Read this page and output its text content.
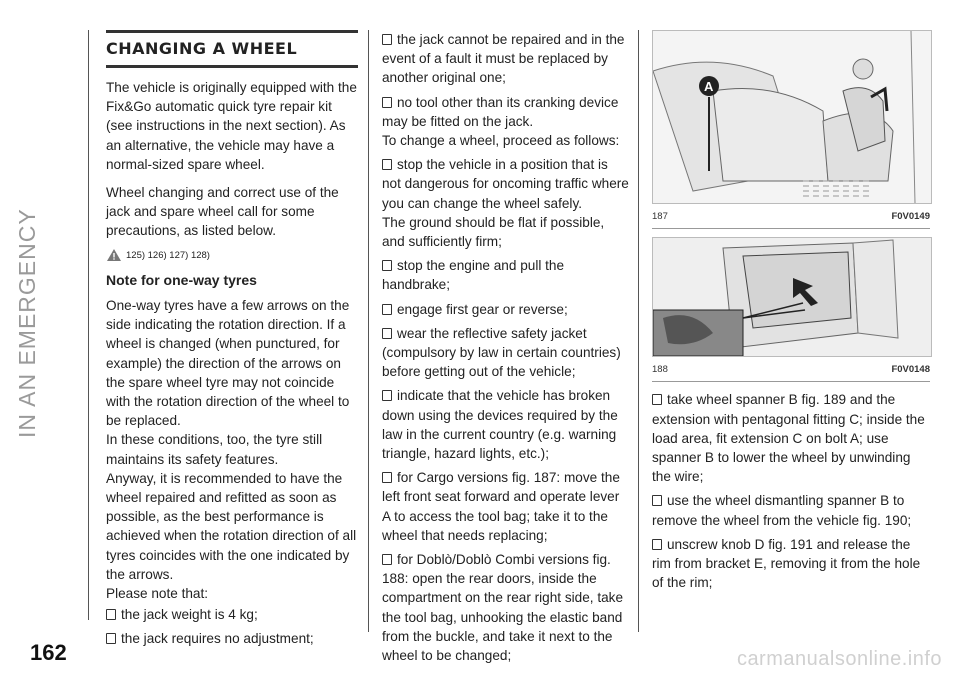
IN AN EMERGENCY
CHANGING A WHEEL

The vehicle is originally equipped with the Fix&Go automatic quick tyre repair kit (see instructions in the next section). As an alternative, the vehicle may have a normal-sized spare wheel.

Wheel changing and correct use of the jack and spare wheel call for some precautions, as listed below.

125) 126) 127) 128)
Note for one-way tyres

One-way tyres have a few arrows on the side indicating the rotation direction. If a wheel is changed (when punctured, for example) the direction of the arrows on the spare wheel tyre may not coincide with the rotation direction of the wheel to be replaced.

In these conditions, too, the tyre still maintains its safety features.

Anyway, it is recommended to have the wheel repaired and refitted as soon as possible, as the best performance is achieved when the rotation direction of all tyres coincides with the one indicated by the arrows.

Please note that:

the jack weight is 4 kg;
the jack requires no adjustment;
the jack cannot be repaired and in the event of a fault it must be replaced by another original one;
no tool other than its cranking device may be fitted on the jack.

To change a wheel, proceed as follows:

stop the vehicle in a position that is not dangerous for oncoming traffic where you can change the wheel safely.

The ground should be flat if possible, and sufficiently firm;

stop the engine and pull the handbrake;
engage first gear or reverse;
wear the reflective safety jacket (compulsory by law in certain countries) before getting out of the vehicle;
indicate that the vehicle has broken down using the devices required by the law in the current country (e.g. warning triangle, hazard lights, etc.);
for Cargo versions fig. 187: move the left front seat forward and operate lever A to access the tool bag; take it to the wheel that needs replacing;
for Doblò/Doblò Combi versions fig. 188: open the rear doors, inside the compartment on the rear right side, take the tool bag, unhooking the elastic band from the buckle, and take it next to the wheel to be changed;
A
187	F0V0149
188	F0V0148
take wheel spanner B fig. 189 and the extension with pentagonal fitting C; inside the load area, fit extension C on bolt A; use spanner B to lower the wheel by unwinding the wire;
use the wheel dismantling spanner B to remove the wheel from the vehicle fig. 190;
unscrew knob D fig. 191 and release the rim from bracket E, removing it from the hole of the rim;
162	carmanualsonline.info
